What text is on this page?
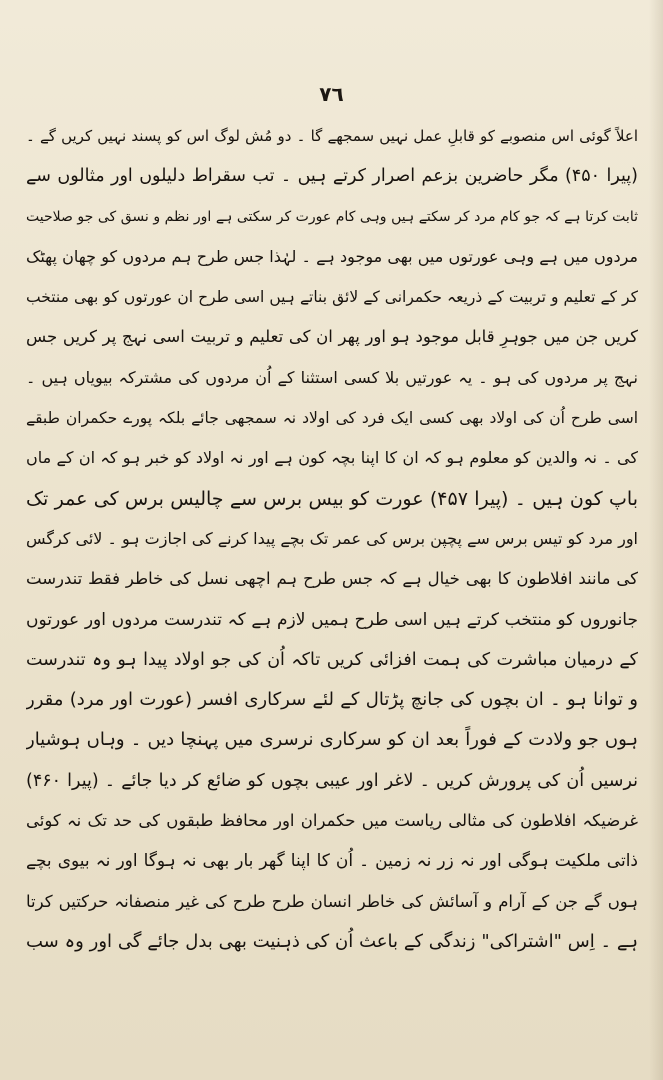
٧٦
اعلاً گوئی اس منصوبے کو قابلِ عمل نہیں سمجھے گا ۔ دو مُش لوگ اس کو پسند نہیں کریں گے ۔
(پیرا ۴۵۰) مگر حاضرین بزعم اصرار کرتے ہیں ۔ تب سقراط دلیلوں اور مثالوں سے
ثابت کرتا ہے کہ جو کام مرد کر سکتے ہیں وہی کام عورت کر سکتی ہے اور نظم و نسق کی جو صلاحیت
مردوں میں ہے وہی عورتوں میں بھی موجود ہے ۔ لہٰذا جس طرح ہم مردوں کو چھان پھٹک
کر کے تعلیم و تربیت کے ذریعہ حکمرانی کے لائق بناتے ہیں اسی طرح ان عورتوں کو بھی منتخب
کریں جن میں جوہرِ قابل موجود ہو اور پھر ان کی تعلیم و تربیت اسی نہج پر کریں جس
نہج پر مردوں کی ہو ۔ یہ عورتیں بلا کسی استثنا کے اُن مردوں کی مشترکہ بیویاں ہیں ۔
اسی طرح اُن کی اولاد بھی کسی ایک فرد کی اولاد نہ سمجھی جائے بلکہ پورے حکمران طبقے
کی ۔ نہ والدین کو معلوم ہو کہ ان کا اپنا بچہ کون ہے اور نہ اولاد کو خبر ہو کہ ان کے ماں
باپ کون ہیں ۔ (پیرا ۴۵۷) عورت کو بیس برس سے چالیس برس کی عمر تک
اور مرد کو تیس برس سے پچپن برس کی عمر تک بچے پیدا کرنے کی اجازت ہو ۔ لائی کرگس
کی مانند افلاطون کا بھی خیال ہے کہ جس طرح ہم اچھی نسل کی خاطر فقط تندرست
جانوروں کو منتخب کرتے ہیں اسی طرح ہمیں لازم ہے کہ تندرست مردوں اور عورتوں
کے درمیان مباشرت کی ہمت افزائی کریں تاکہ اُن کی جو اولاد پیدا ہو وہ تندرست
و توانا ہو ۔ ان بچوں کی جانچ پڑتال کے لئے سرکاری افسر (عورت اور مرد) مقرر
ہوں جو ولادت کے فوراً بعد ان کو سرکاری نرسری میں پہنچا دیں ۔ وہاں ہوشیار
نرسیں اُن کی پرورش کریں ۔ لاغر اور عیبی بچوں کو ضائع کر دیا جائے ۔ (پیرا ۴۶۰)
غرضیکہ افلاطون کی مثالی ریاست میں حکمران اور محافظ طبقوں کی حد تک نہ کوئی
ذاتی ملکیت ہوگی اور نہ زر نہ زمین ۔ اُن کا اپنا گھر بار بھی نہ ہوگا اور نہ بیوی بچے
ہوں گے جن کے آرام و آسائش کی خاطر انسان طرح طرح کی غیر منصفانہ حرکتیں کرتا
ہے ۔ اِس "اشتراکی" زندگی کے باعث اُن کی ذہنیت بھی بدل جائے گی اور وہ سب
